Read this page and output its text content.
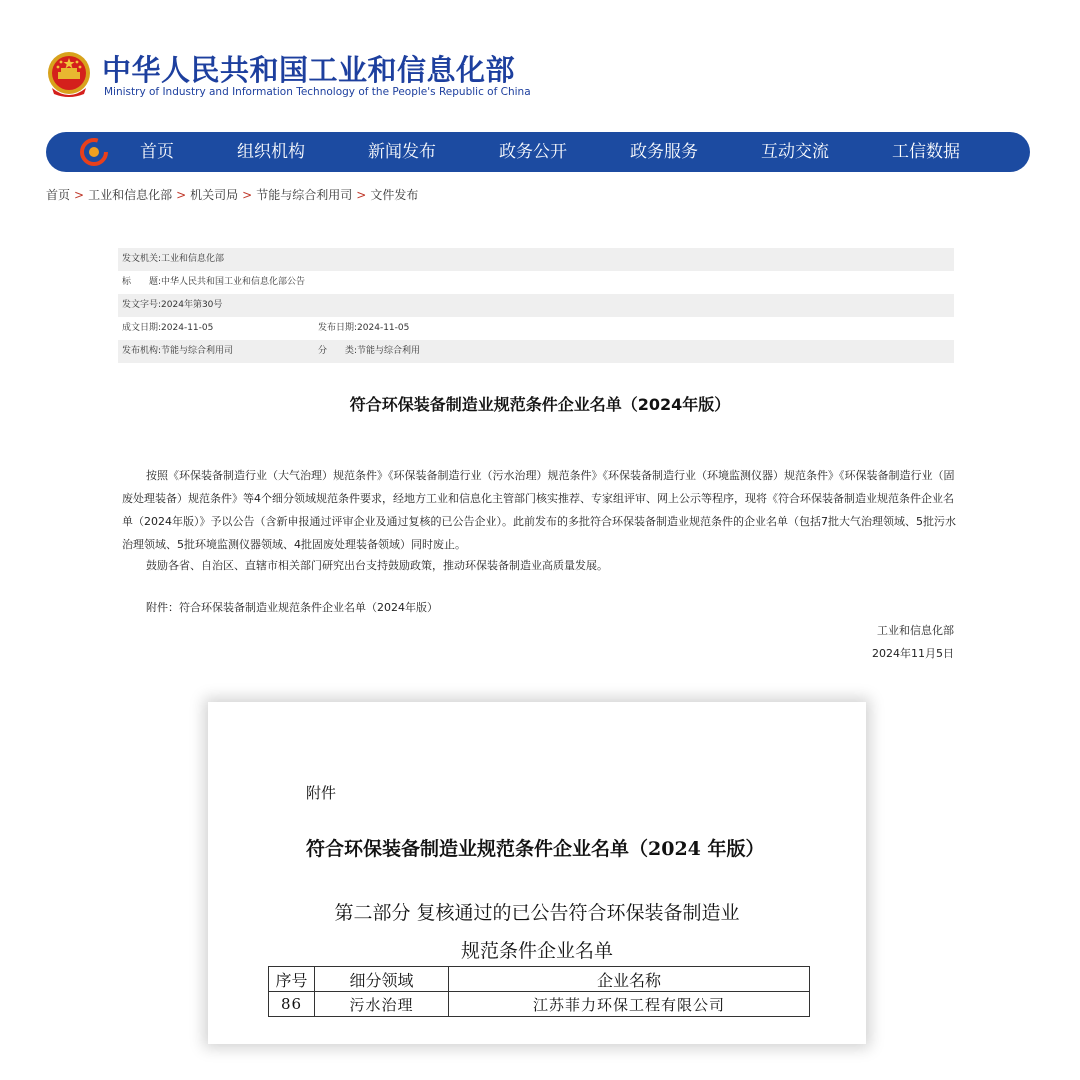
中华人民共和国工业和信息化部
Ministry of Industry and Information Technology of the People's Republic of China
首页	组织机构	新闻发布	政务公开	政务服务	互动交流	工信数据
首页 > 工业和信息化部 > 机关司局 > 节能与综合利用司 > 文件发布
发文机关:工业和信息化部
标　　题:中华人民共和国工业和信息化部公告
发文字号:2024年第30号
成文日期:2024-11-05	发布日期:2024-11-05
发布机构:节能与综合利用司	分　　类:节能与综合利用
符合环保装备制造业规范条件企业名单（2024年版）
按照《环保装备制造行业（大气治理）规范条件》《环保装备制造行业（污水治理）规范条件》《环保装备制造行业（环境监测仪器）规范条件》《环保装备制造行业（固废处理装备）规范条件》等4个细分领域规范条件要求，经地方工业和信息化主管部门核实推荐、专家组评审、网上公示等程序，现将《符合环保装备制造业规范条件企业名单（2024年版）》予以公告（含新申报通过评审企业及通过复核的已公告企业）。此前发布的多批符合环保装备制造业规范条件的企业名单（包括7批大气治理领域、5批污水治理领域、5批环境监测仪器领域、4批固废处理装备领域）同时废止。
鼓励各省、自治区、直辖市相关部门研究出台支持鼓励政策，推动环保装备制造业高质量发展。
附件：符合环保装备制造业规范条件企业名单（2024年版）
工业和信息化部
2024年11月5日
附件
符合环保装备制造业规范条件企业名单（2024 年版）
第二部分 复核通过的已公告符合环保装备制造业
规范条件企业名单
序号	细分领域	企业名称
86	污水治理	江苏菲力环保工程有限公司
